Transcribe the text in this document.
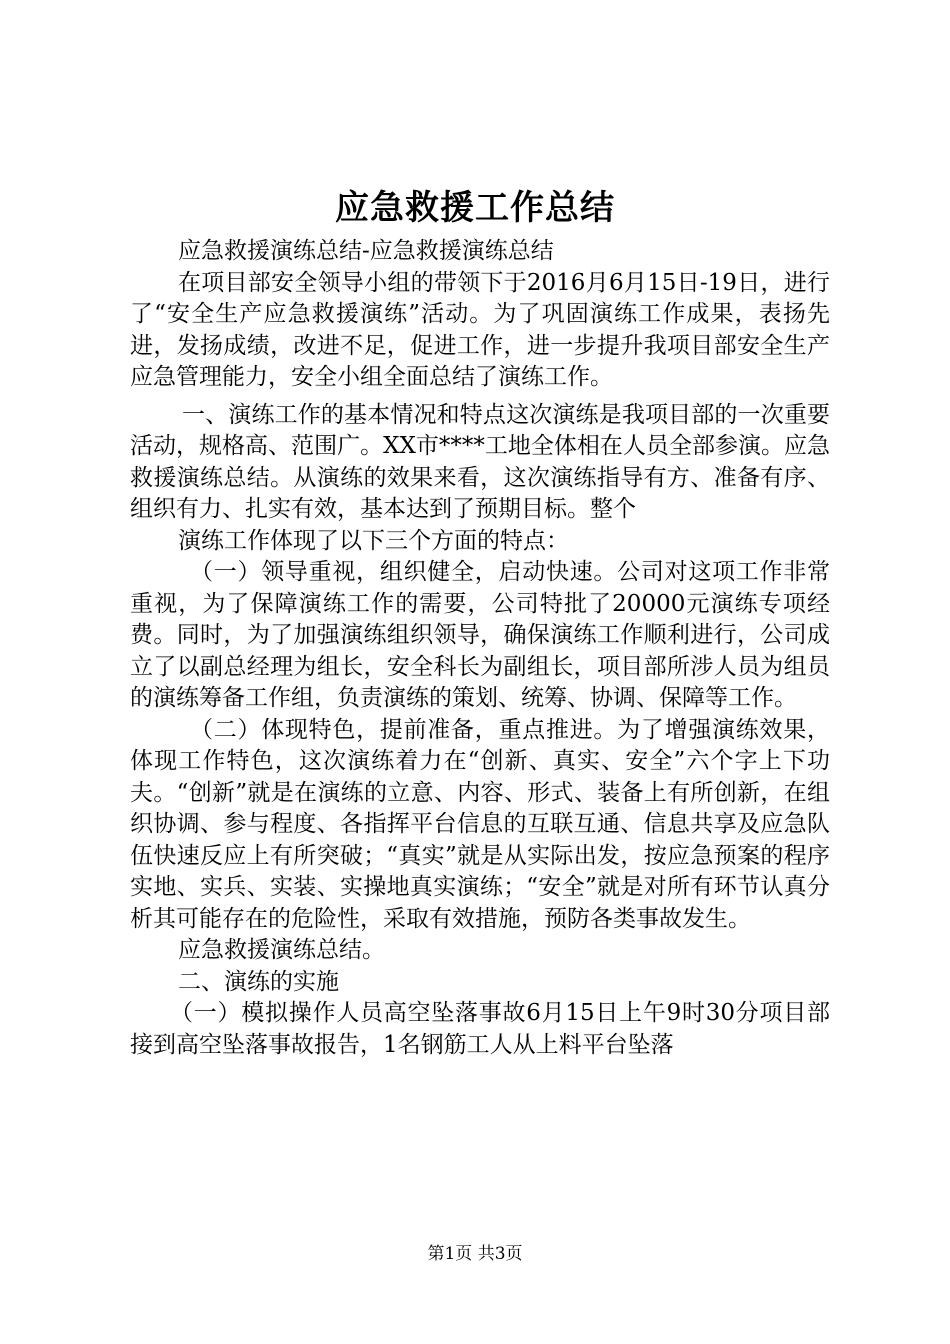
应急救援工作总结

应急救援演练总结-应急救援演练总结

在项目部安全领导小组的带领下于2016月6月15日-19日，进行了“安全生产应急救援演练”活动。为了巩固演练工作成果，表扬先进，发扬成绩，改进不足，促进工作，进一步提升我项目部安全生产应急管理能力，安全小组全面总结了演练工作。

一、演练工作的基本情况和特点这次演练是我项目部的一次重要活动，规格高、范围广。XX市****工地全体相在人员全部参演。应急救援演练总结。从演练的效果来看，这次演练指导有方、准备有序、组织有力、扎实有效，基本达到了预期目标。整个

演练工作体现了以下三个方面的特点：

（一）领导重视，组织健全，启动快速。公司对这项工作非常重视，为了保障演练工作的需要，公司特批了20000元演练专项经费。同时，为了加强演练组织领导，确保演练工作顺利进行，公司成立了以副总经理为组长，安全科长为副组长，项目部所涉人员为组员的演练筹备工作组，负责演练的策划、统筹、协调、保障等工作。

（二）体现特色，提前准备，重点推进。为了增强演练效果，体现工作特色，这次演练着力在“创新、真实、安全”六个字上下功夫。“创新”就是在演练的立意、内容、形式、装备上有所创新，在组织协调、参与程度、各指挥平台信息的互联互通、信息共享及应急队伍快速反应上有所突破；“真实”就是从实际出发，按应急预案的程序实地、实兵、实装、实操地真实演练；“安全”就是对所有环节认真分析其可能存在的危险性，采取有效措施，预防各类事故发生。

应急救援演练总结。

二、演练的实施

（一）模拟操作人员高空坠落事故6月15日上午9时30分项目部接到高空坠落事故报告，1名钢筋工人从上料平台坠落

第1页 共3页
